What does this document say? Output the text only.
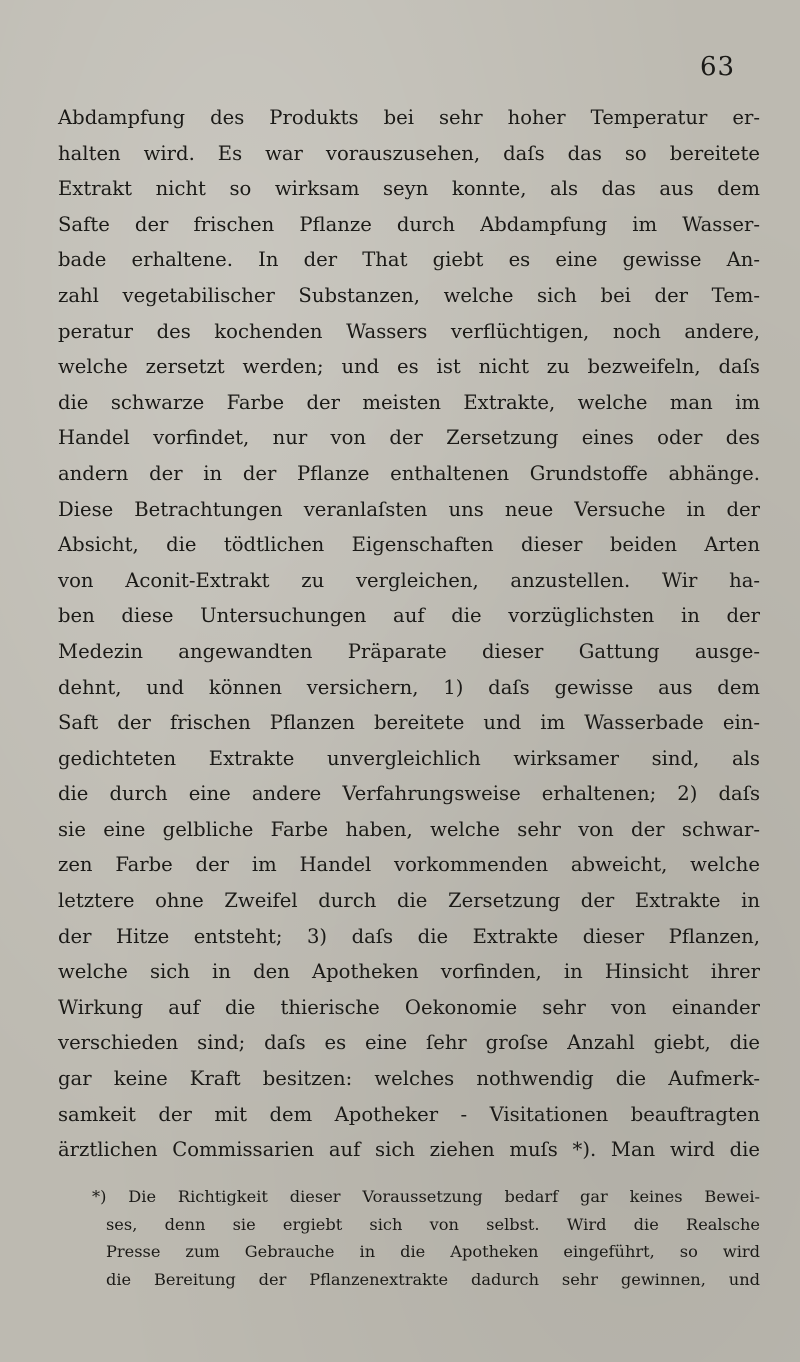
63
Abdampfung des Produkts bei sehr hoher Temperatur er-
halten wird. Es war vorauszusehen, daſs das so bereitete
Extrakt nicht so wirksam seyn konnte, als das aus dem
Safte der frischen Pflanze durch Abdampfung im Wasser-
bade erhaltene. In der That giebt es eine gewisse An-
zahl vegetabilischer Substanzen, welche sich bei der Tem-
peratur des kochenden Wassers verflüchtigen, noch andere,
welche zersetzt werden; und es ist nicht zu bezweifeln, daſs
die schwarze Farbe der meisten Extrakte, welche man im
Handel vorfindet, nur von der Zersetzung eines oder des
andern der in der Pflanze enthaltenen Grundstoffe abhänge.
Diese Betrachtungen veranlaſsten uns neue Versuche in der
Absicht, die tödtlichen Eigenschaften dieser beiden Arten
von Aconit-Extrakt zu vergleichen, anzustellen. Wir ha-
ben diese Untersuchungen auf die vorzüglichsten in der
Medezin angewandten Präparate dieser Gattung ausge-
dehnt, und können versichern, 1) daſs gewisse aus dem
Saft der frischen Pflanzen bereitete und im Wasserbade ein-
gedichteten Extrakte unvergleichlich wirksamer sind, als
die durch eine andere Verfahrungsweise erhaltenen; 2) daſs
sie eine gelbliche Farbe haben, welche sehr von der schwar-
zen Farbe der im Handel vorkommenden abweicht, welche
letztere ohne Zweifel durch die Zersetzung der Extrakte in
der Hitze entsteht; 3) daſs die Extrakte dieser Pflanzen,
welche sich in den Apotheken vorfinden, in Hinsicht ihrer
Wirkung auf die thierische Oekonomie sehr von einander
verschieden sind; daſs es eine ſehr groſse Anzahl giebt, die
gar keine Kraft besitzen: welches nothwendig die Aufmerk-
samkeit der mit dem Apotheker - Visitationen beauftragten
ärztlichen Commissarien auf sich ziehen muſs *). Man wird die
*) Die Richtigkeit dieser Voraussetzung bedarf gar keines Bewei-
ses, denn sie ergiebt sich von selbst. Wird die Realsche
Presse zum Gebrauche in die Apotheken eingeführt, so wird
die Bereitung der Pflanzenextrakte dadurch sehr gewinnen, und
